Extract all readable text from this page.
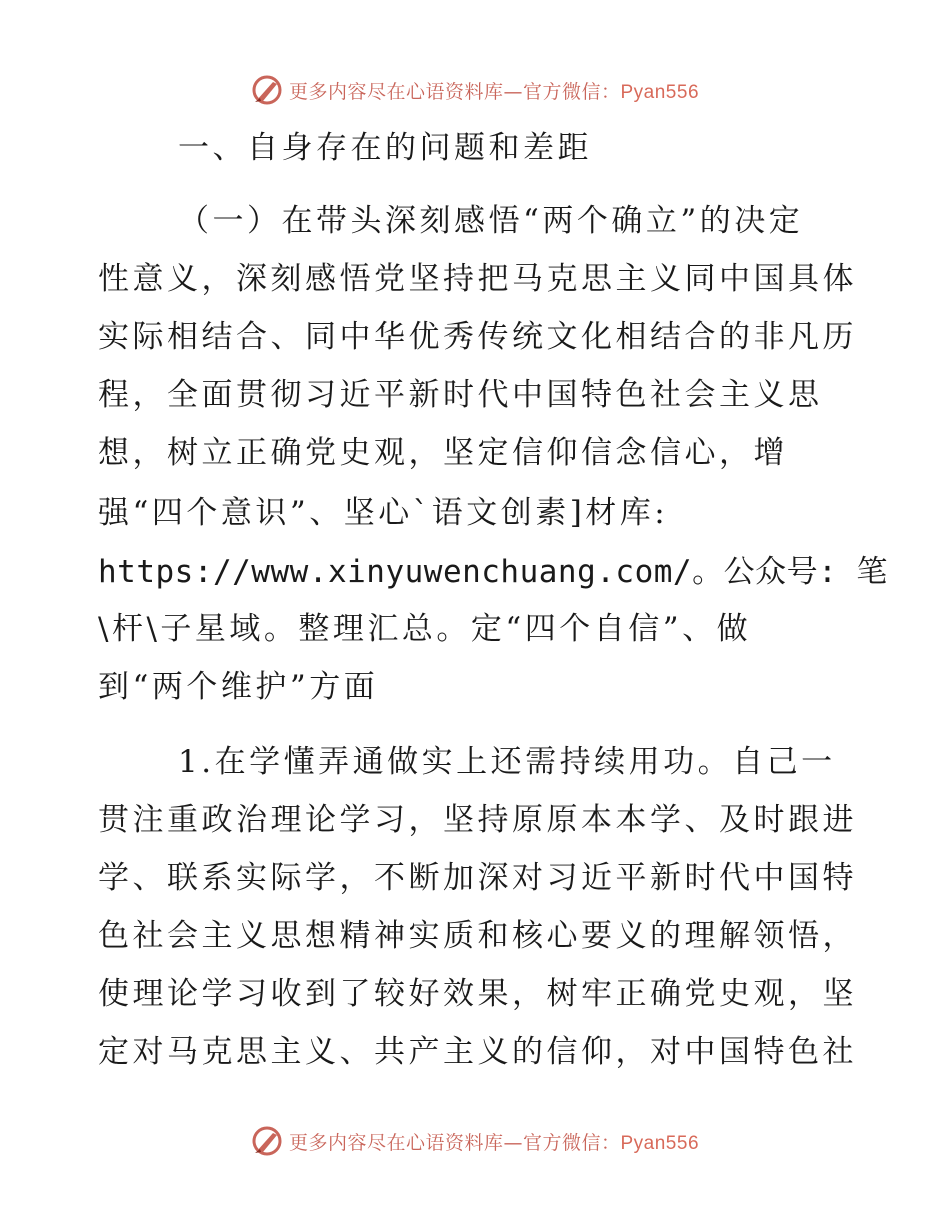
更多内容尽在心语资料库—官方微信：Pyan556
一、自身存在的问题和差距
（一）在带头深刻感悟“两个确立”的决定
性意义，深刻感悟党坚持把马克思主义同中国具体
实际相结合、同中华优秀传统文化相结合的非凡历
程，全面贯彻习近平新时代中国特色社会主义思
想，树立正确党史观，坚定信仰信念信心，增
强“四个意识”、坚心`语文创素]材库:
https://www.xinyuwenchuang.com/。公众号: 笔
\杆\子星域。整理汇总。定“四个自信”、做
到“两个维护”方面
1.在学懂弄通做实上还需持续用功。自己一
贯注重政治理论学习，坚持原原本本学、及时跟进
学、联系实际学，不断加深对习近平新时代中国特
色社会主义思想精神实质和核心要义的理解领悟，
使理论学习收到了较好效果，树牢正确党史观，坚
定对马克思主义、共产主义的信仰，对中国特色社
更多内容尽在心语资料库—官方微信：Pyan556
